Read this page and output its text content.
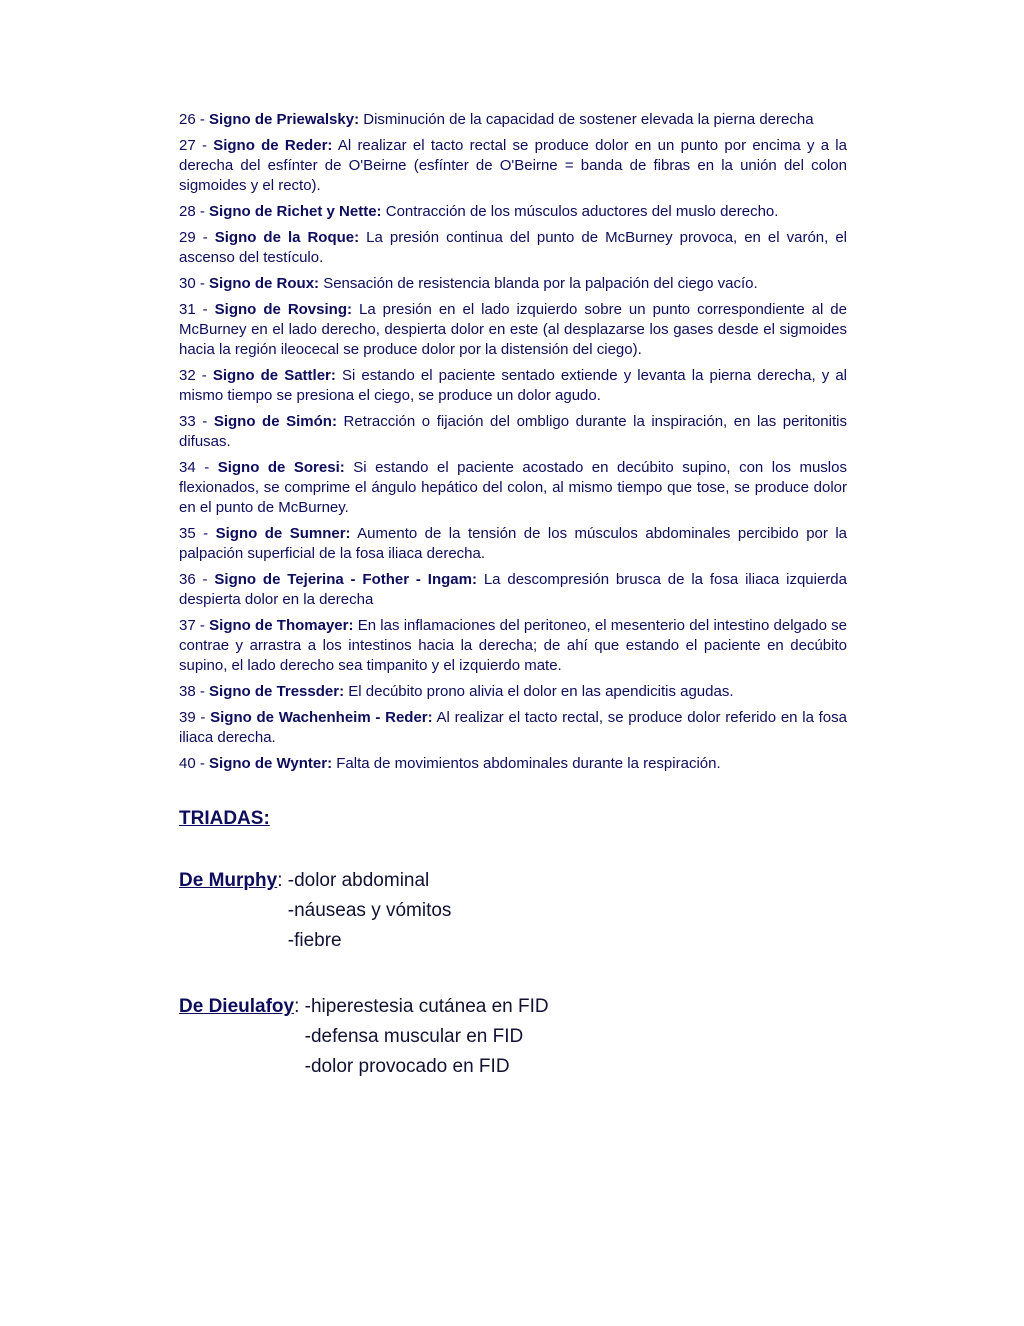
26 - Signo de Priewalsky: Disminución de la capacidad de sostener elevada la pierna derecha

27 - Signo de Reder: Al realizar el tacto rectal se produce dolor en un punto por encima y a la derecha del esfínter de O'Beirne (esfínter de O'Beirne = banda de fibras en la unión del colon sigmoides y el recto).

28 - Signo de Richet y Nette: Contracción de los músculos aductores del muslo derecho.

29 - Signo de la Roque: La presión continua del punto de McBurney provoca, en el varón, el ascenso del testículo.

30 - Signo de Roux: Sensación de resistencia blanda por la palpación del ciego vacío.

31 - Signo de Rovsing: La presión en el lado izquierdo sobre un punto correspondiente al de McBurney en el lado derecho, despierta dolor en este (al desplazarse los gases desde el sigmoides hacia la región ileocecal se produce dolor por la distensión del ciego).

32 - Signo de Sattler: Si estando el paciente sentado extiende y levanta la pierna derecha, y al mismo tiempo se presiona el ciego, se produce un dolor agudo.

33 - Signo de Simón: Retracción o fijación del ombligo durante la inspiración, en las peritonitis difusas.

34 - Signo de Soresi: Si estando el paciente acostado en decúbito supino, con los muslos flexionados, se comprime el ángulo hepático del colon, al mismo tiempo que tose, se produce dolor en el punto de McBurney.

35 - Signo de Sumner: Aumento de la tensión de los músculos abdominales percibido por la palpación superficial de la fosa iliaca derecha.

36 - Signo de Tejerina - Fother - Ingam: La descompresión brusca de la fosa iliaca izquierda despierta dolor en la derecha

37 - Signo de Thomayer: En las inflamaciones del peritoneo, el mesenterio del intestino delgado se contrae y arrastra a los intestinos hacia la derecha; de ahí que estando el paciente en decúbito supino, el lado derecho sea timpanito y el izquierdo mate.

38 - Signo de Tressder: El decúbito prono alivia el dolor en las apendicitis agudas.

39 - Signo de Wachenheim - Reder: Al realizar el tacto rectal, se produce dolor referido en la fosa iliaca derecha.

40 - Signo de Wynter: Falta de movimientos abdominales durante la respiración.

TRIADAS:
De Murphy: -dolor abdominal
-náuseas y vómitos
-fiebre
De Dieulafoy: -hiperestesia cutánea en FID
-defensa muscular en FID
-dolor provocado en FID
